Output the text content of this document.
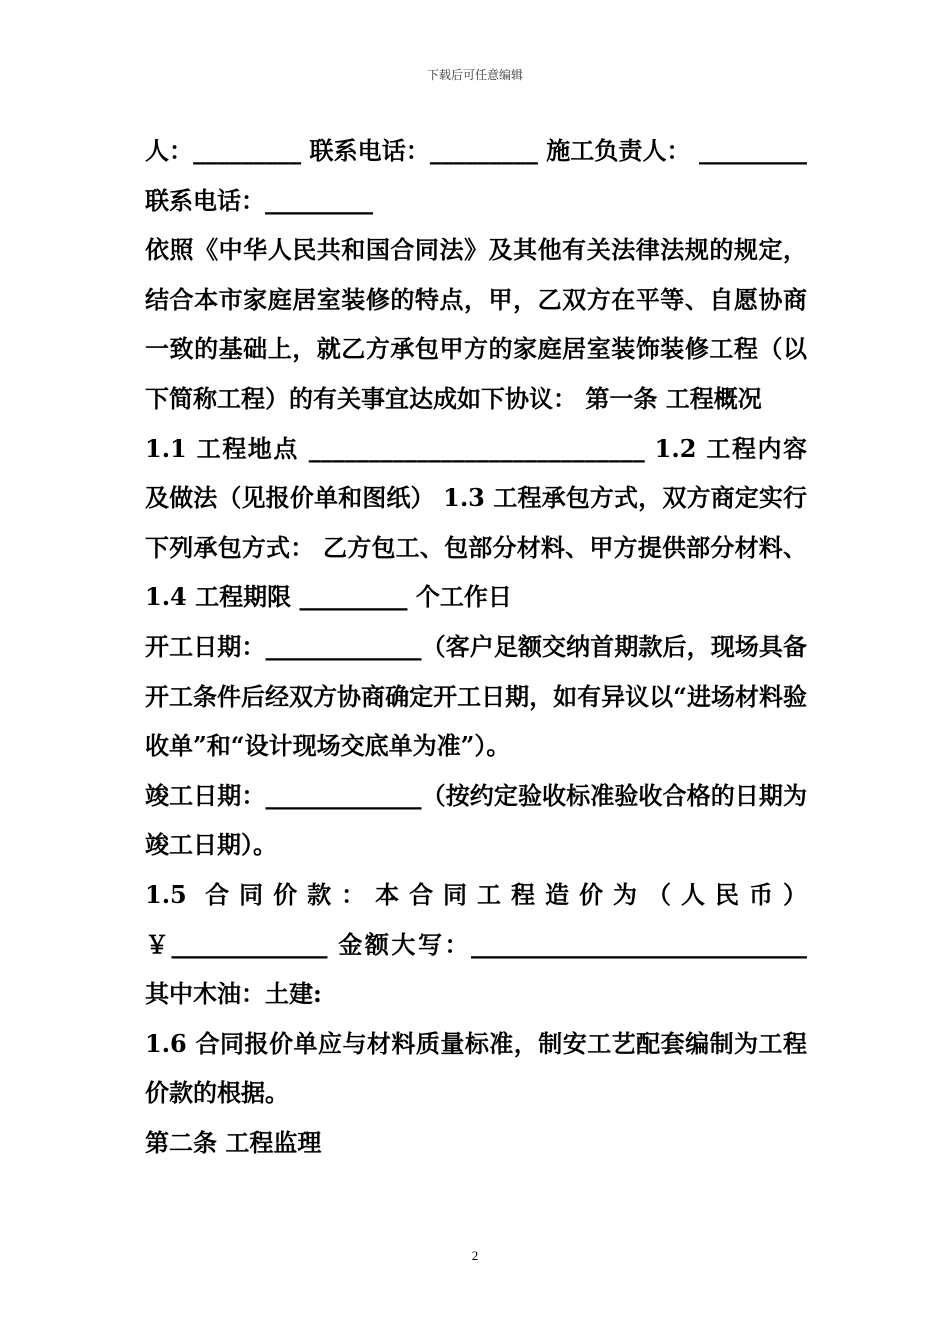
下载后可任意编辑

人：_________ 联系电话：_________ 施工负责人： _________ 联系电话：_________

依照《中华人民共和国合同法》及其他有关法律法规的规定，结合本市家庭居室装修的特点，甲，乙双方在平等、自愿协商一致的基础上，就乙方承包甲方的家庭居室装饰装修工程（以下简称工程）的有关事宜达成如下协议： 第一条 工程概况

1.1 工程地点 ____________________________ 1.2 工程内容及做法（见报价单和图纸） 1.3 工程承包方式，双方商定实行下列承包方式： 乙方包工、包部分材料、甲方提供部分材料、 1.4 工程期限 _________ 个工作日

开工日期：_____________（客户足额交纳首期款后，现场具备开工条件后经双方协商确定开工日期，如有异议以“进场材料验收单”和“设计现场交底单为准”）。

竣工日期：_____________（按约定验收标准验收合格的日期为竣工日期）。

1.5 合同价款：本合同工程造价为（人民币）￥_____________ 金额大写：____________________________ 其中木油：土建:

1.6 合同报价单应与材料质量标准，制安工艺配套编制为工程价款的根据。

第二条 工程监理

2
